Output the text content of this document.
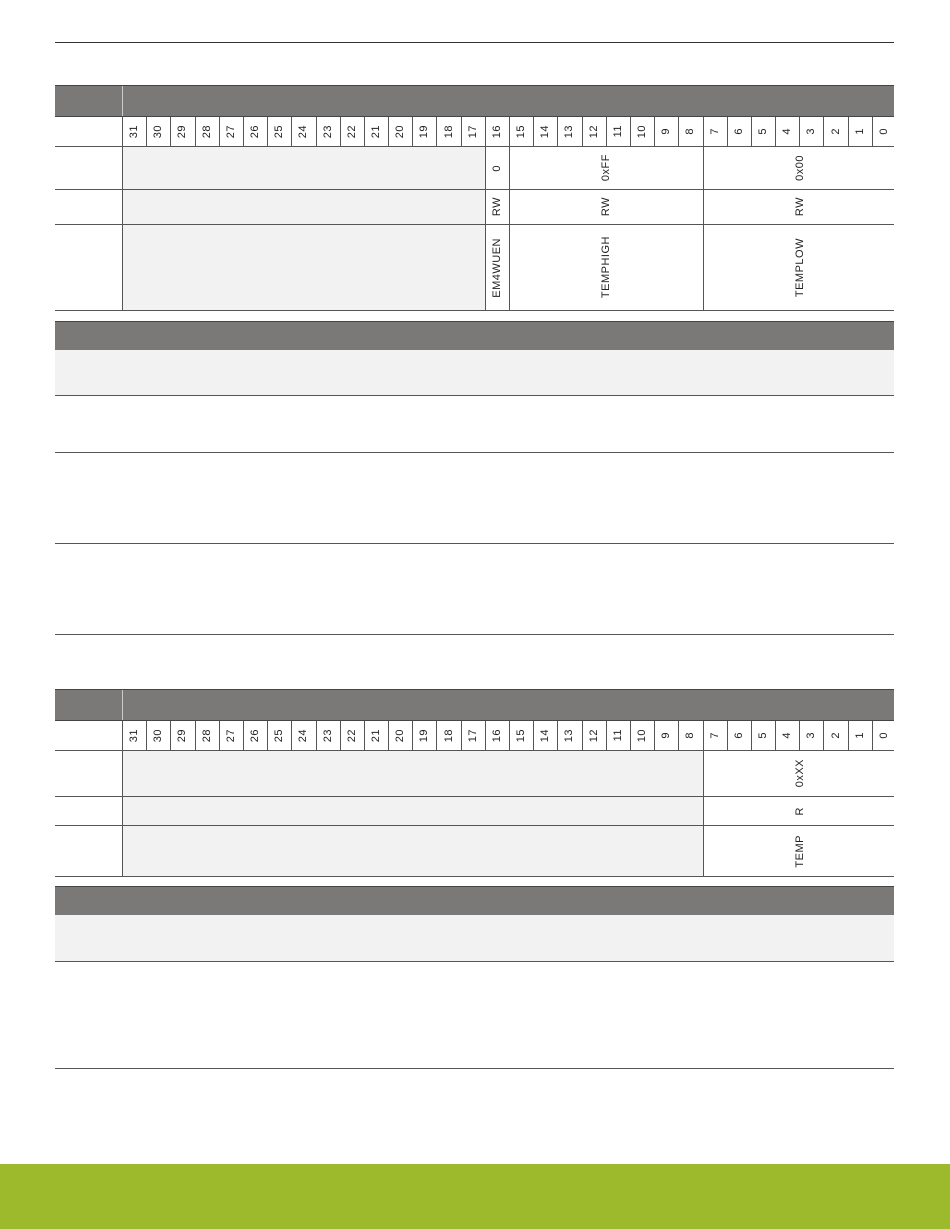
31 30 29 28 27 26 25 24 23 22 21 20 19 18 17 16 15 14 13 12 11 10 9 8 7 6 5 4 3 2 1 0
0	0xFF	0x00
RW	RW	RW
EM4WUEN	TEMPHIGH	TEMPLOW
31 30 29 28 27 26 25 24 23 22 21 20 19 18 17 16 15 14 13 12 11 10 9 8 7 6 5 4 3 2 1 0
0xXX
R
TEMP
